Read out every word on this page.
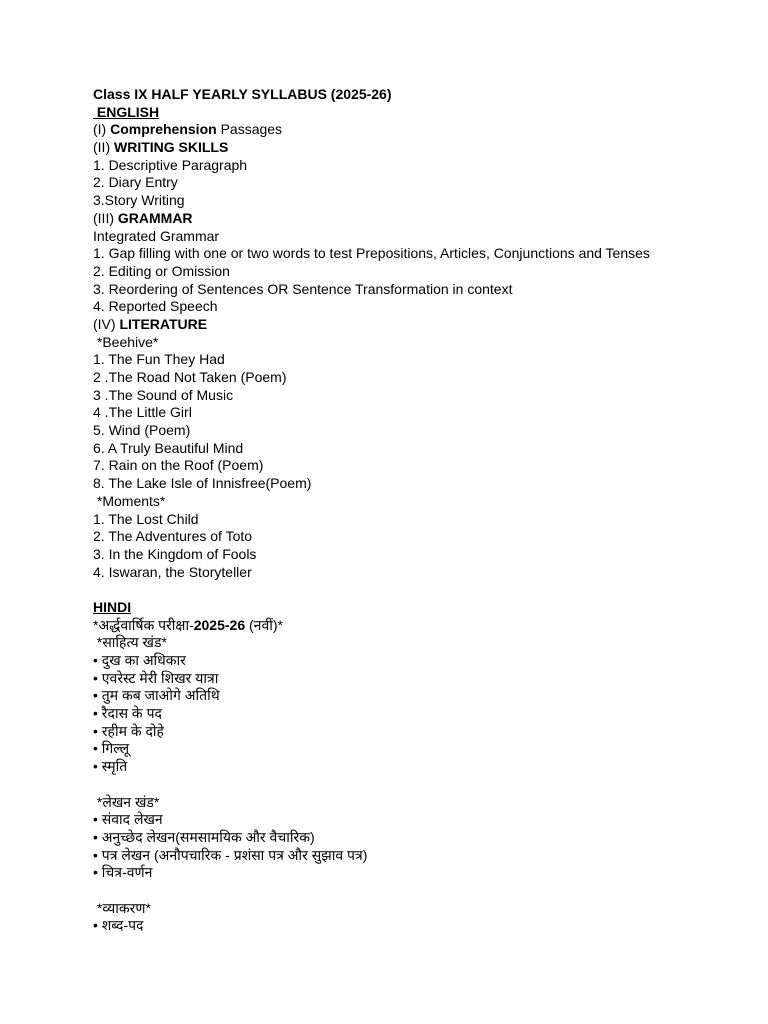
Class IX HALF YEARLY SYLLABUS (2025-26)
ENGLISH
(I) Comprehension Passages
(II) WRITING SKILLS
1. Descriptive Paragraph
2. Diary Entry
3.Story Writing
(III) GRAMMAR
Integrated Grammar
1. Gap filling with one or two words to test Prepositions, Articles, Conjunctions and Tenses
2. Editing or Omission
3. Reordering of Sentences OR Sentence Transformation in context
4. Reported Speech
(IV) LITERATURE
*Beehive*
1. The Fun They Had
2 .The Road Not Taken (Poem)
3 .The Sound of Music
4 .The Little Girl
5. Wind (Poem)
6. A Truly Beautiful Mind
7. Rain on the Roof (Poem)
8. The Lake Isle of Innisfree(Poem)
*Moments*
1. The Lost Child
2. The Adventures of Toto
3. In the Kingdom of Fools
4. Iswaran, the Storyteller
HINDI
*अर्द्धवार्षिक परीक्षा-2025-26 (नवीं)*
*साहित्य खंड*
• दुख का अधिकार
• एवरेस्ट मेरी शिखर यात्रा
• तुम कब जाओगे अतिथि
• रैदास के पद
• रहीम के दोहे
• गिल्लू
• स्मृति
*लेखन खंड*
• संवाद लेखन
• अनुच्छेद लेखन(समसामयिक और वैचारिक)
• पत्र लेखन (अनौपचारिक - प्रशंसा पत्र और सुझाव पत्र)
• चित्र-वर्णन
*व्याकरण*
• शब्द-पद
